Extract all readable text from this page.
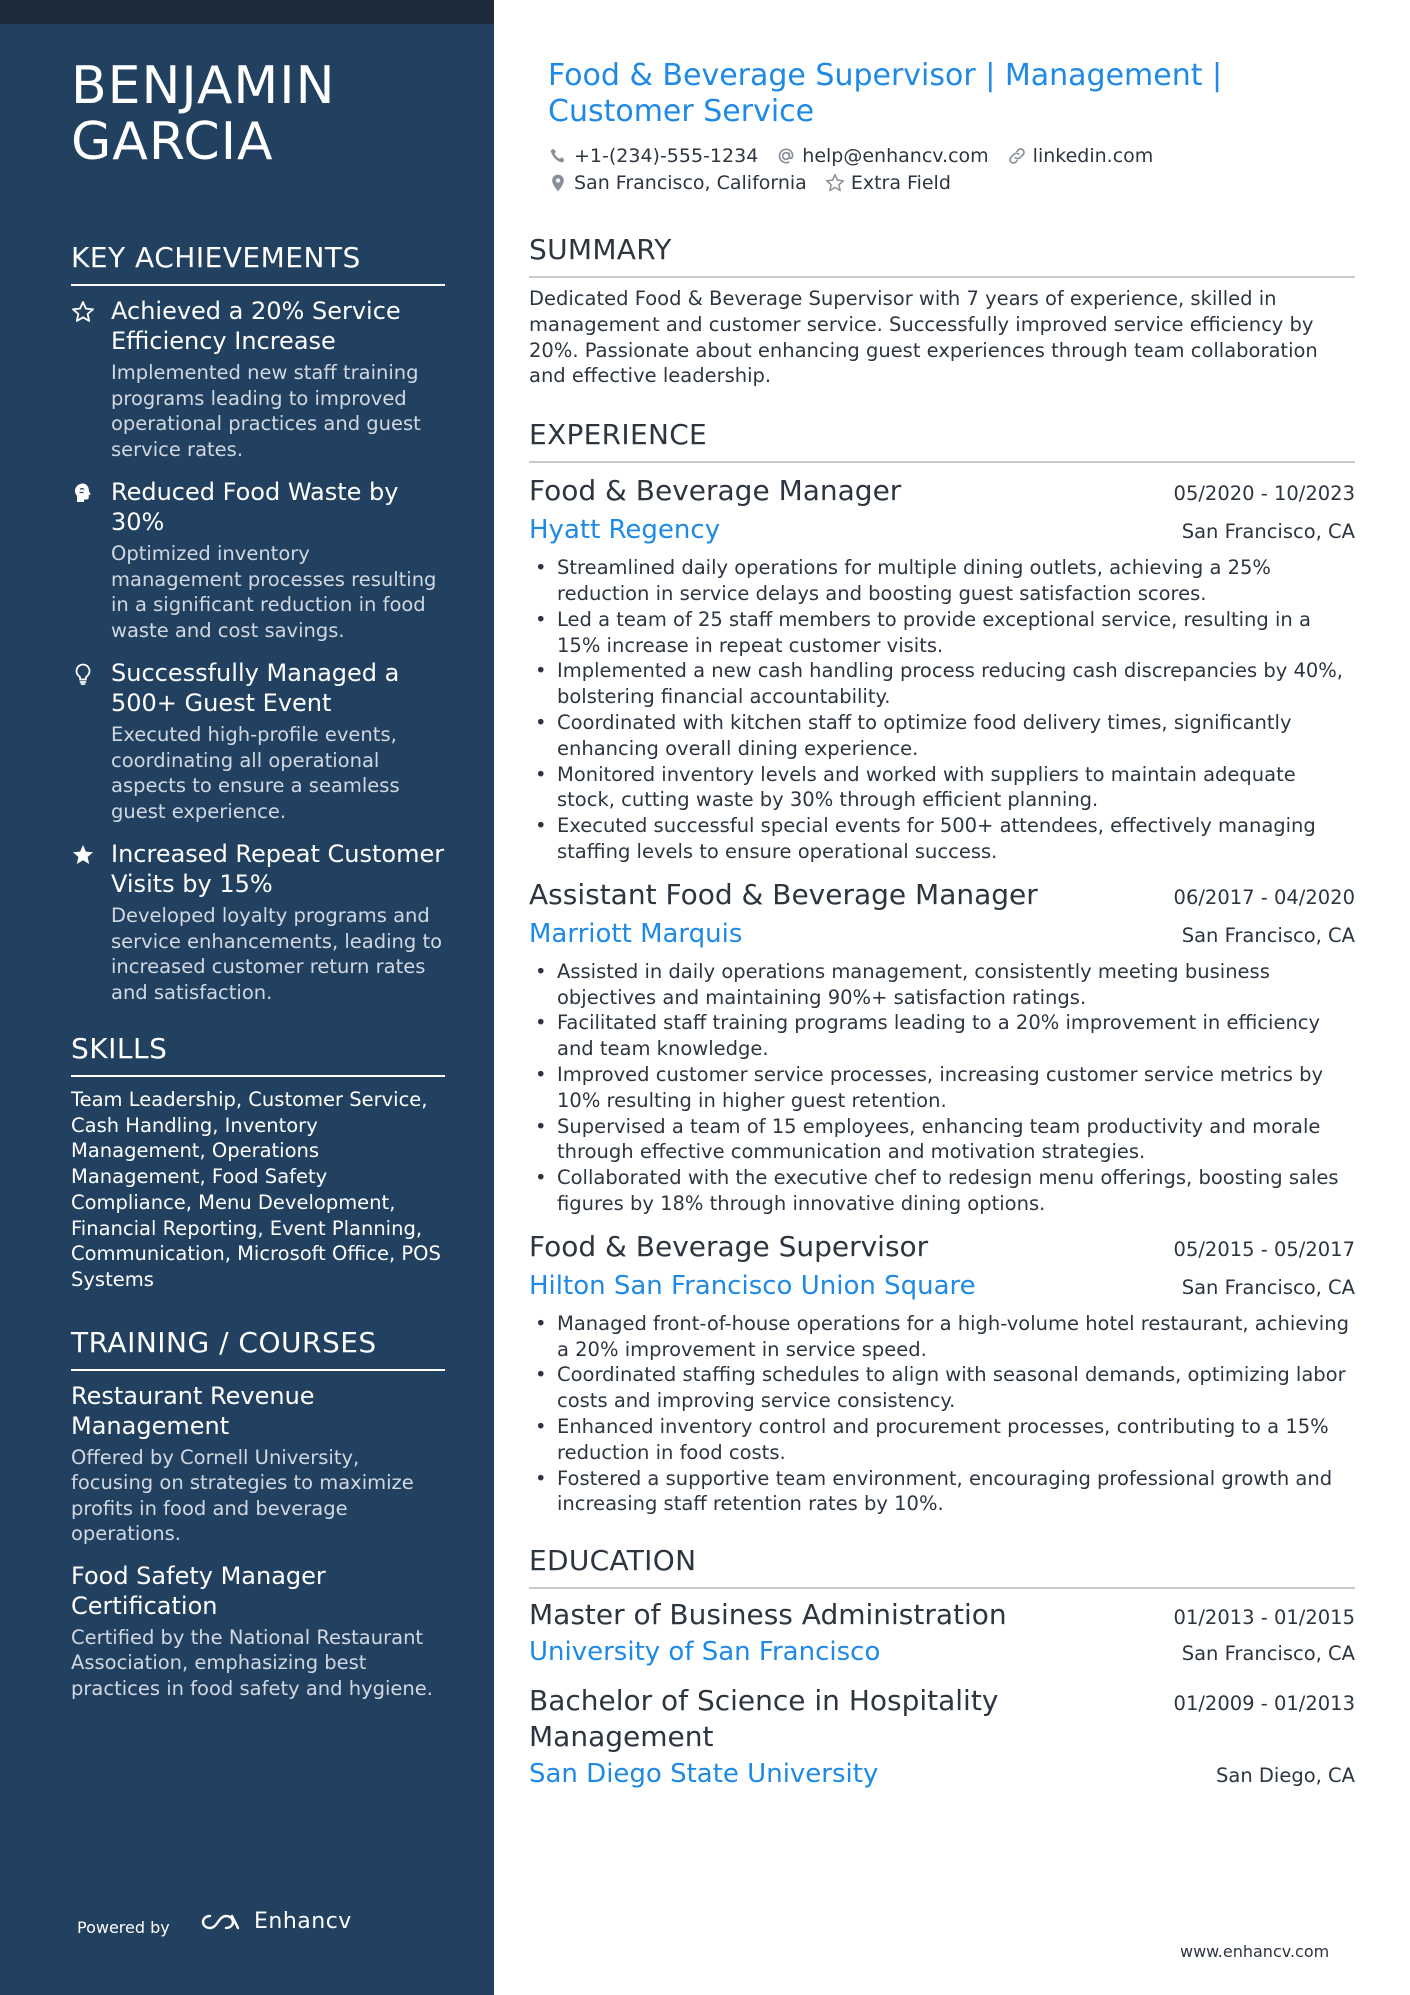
BENJAMIN GARCIA
KEY ACHIEVEMENTS
Achieved a 20% Service Efficiency Increase
Implemented new staff training programs leading to improved operational practices and guest service rates.
Reduced Food Waste by 30%
Optimized inventory management processes resulting in a significant reduction in food waste and cost savings.
Successfully Managed a 500+ Guest Event
Executed high-profile events, coordinating all operational aspects to ensure a seamless guest experience.
Increased Repeat Customer Visits by 15%
Developed loyalty programs and service enhancements, leading to increased customer return rates and satisfaction.
SKILLS
Team Leadership, Customer Service, Cash Handling, Inventory Management, Operations Management, Food Safety Compliance, Menu Development, Financial Reporting, Event Planning, Communication, Microsoft Office, POS Systems
TRAINING / COURSES
Restaurant Revenue Management
Offered by Cornell University, focusing on strategies to maximize profits in food and beverage operations.
Food Safety Manager Certification
Certified by the National Restaurant Association, emphasizing best practices in food safety and hygiene.
Powered by	Enhancv
Food & Beverage Supervisor | Management | Customer Service
+1-(234)-555-1234 help@enhancv.com linkedin.com
San Francisco, California Extra Field
SUMMARY

Dedicated Food & Beverage Supervisor with 7 years of experience, skilled in management and customer service. Successfully improved service efficiency by 20%. Passionate about enhancing guest experiences through team collaboration and effective leadership.

EXPERIENCE
Food & Beverage Manager	05/2020 - 10/2023
Hyatt Regency	San Francisco, CA
• Streamlined daily operations for multiple dining outlets, achieving a 25% reduction in service delays and boosting guest satisfaction scores.
• Led a team of 25 staff members to provide exceptional service, resulting in a 15% increase in repeat customer visits.
• Implemented a new cash handling process reducing cash discrepancies by 40%, bolstering financial accountability.
• Coordinated with kitchen staff to optimize food delivery times, significantly enhancing overall dining experience.
• Monitored inventory levels and worked with suppliers to maintain adequate stock, cutting waste by 30% through efficient planning.
• Executed successful special events for 500+ attendees, effectively managing staffing levels to ensure operational success.
Assistant Food & Beverage Manager	06/2017 - 04/2020
Marriott Marquis	San Francisco, CA
• Assisted in daily operations management, consistently meeting business objectives and maintaining 90%+ satisfaction ratings.
• Facilitated staff training programs leading to a 20% improvement in efficiency and team knowledge.
• Improved customer service processes, increasing customer service metrics by 10% resulting in higher guest retention.
• Supervised a team of 15 employees, enhancing team productivity and morale through effective communication and motivation strategies.
• Collaborated with the executive chef to redesign menu offerings, boosting sales figures by 18% through innovative dining options.
Food & Beverage Supervisor	05/2015 - 05/2017
Hilton San Francisco Union Square	San Francisco, CA
• Managed front-of-house operations for a high-volume hotel restaurant, achieving a 20% improvement in service speed.
• Coordinated staffing schedules to align with seasonal demands, optimizing labor costs and improving service consistency.
• Enhanced inventory control and procurement processes, contributing to a 15% reduction in food costs.
• Fostered a supportive team environment, encouraging professional growth and increasing staff retention rates by 10%.
EDUCATION
Master of Business Administration	01/2013 - 01/2015
University of San Francisco	San Francisco, CA
Bachelor of Science in Hospitality Management
01/2009 - 01/2013
San Diego State University	San Diego, CA
www.enhancv.com
